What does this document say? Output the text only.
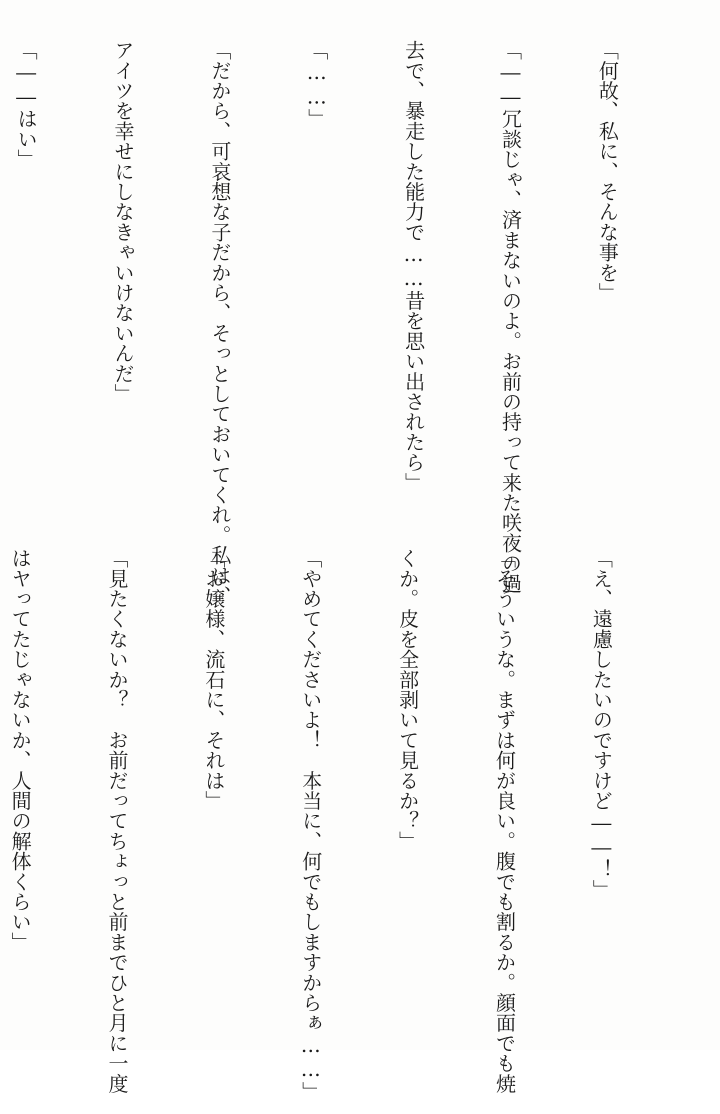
「何故、私に、そんな事を」

「――冗談じゃ、済まないのよ。お前の持って来た咲夜の過

去で、暴走した能力で……昔を思い出されたら」

「……」

「だから、可哀想な子だから、そっとしておいてくれ。私は、

アイツを幸せにしなきゃいけないんだ」

「――はい」

「え、遠慮したいのですけど――！」

「そういうな。まずは何が良い。腹でも割るか。顔面でも焼

くか。皮を全部剥いて見るか？」

「やめてくださいよ！　本当に、何でもしますからぁ……」

「お嬢様、流石に、それは」

「見たくないか？　お前だってちょっと前までひと月に一度

はヤってたじゃないか、人間の解体くらい」
